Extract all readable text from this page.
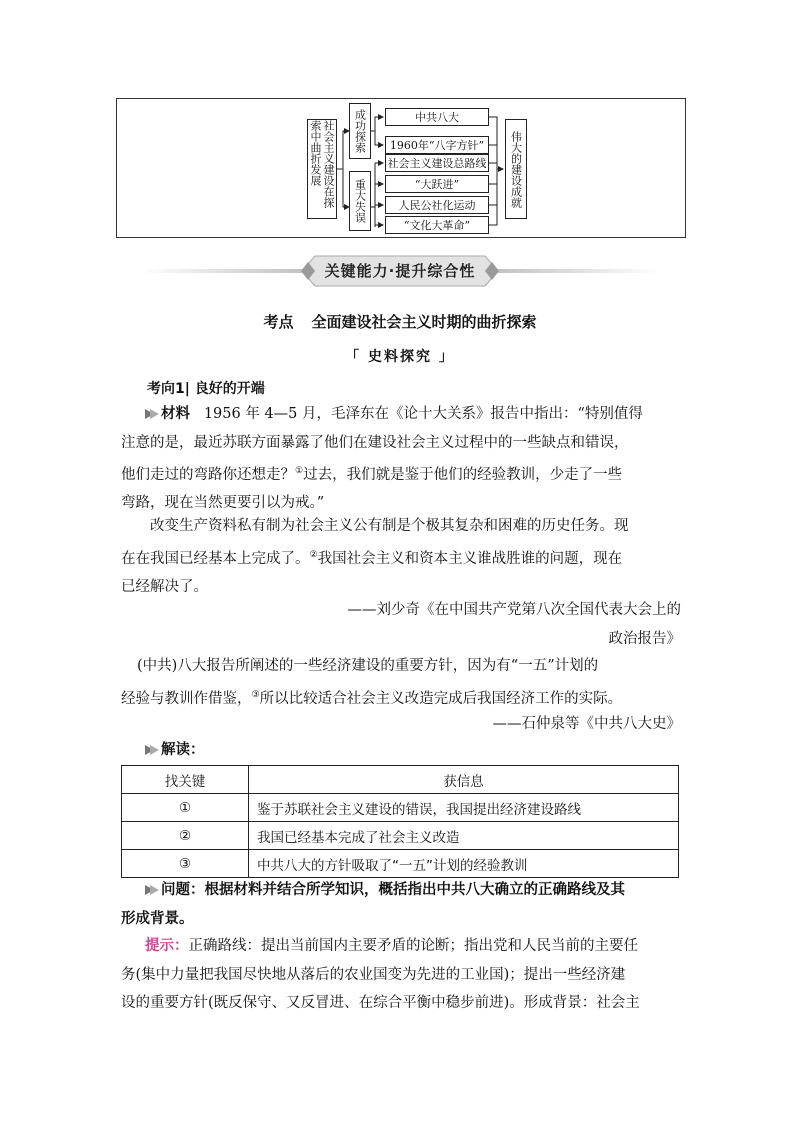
社会主义建设在探索中曲折发展	成功探索
重大失误
中共八大
1960年“八字方针”
社会主义建设总路线
“大跃进”
人民公社化运动
“文化大革命”
伟大的建设成就
关键能力·提升综合性
考点 全面建设社会主义时期的曲折探索
「 史料探究 」
考向1| 良好的开端
材料 1956 年 4—5 月，毛泽东在《论十大关系》报告中指出：“特别值得
注意的是，最近苏联方面暴露了他们在建设社会主义过程中的一些缺点和错误，
他们走过的弯路你还想走？①过去，我们就是鉴于他们的经验教训，少走了一些
弯路，现在当然更要引以为戒。”
改变生产资料私有制为社会主义公有制是个极其复杂和困难的历史任务。现
在在我国已经基本上完成了。②我国社会主义和资本主义谁战胜谁的问题，现在
已经解决了。
——刘少奇《在中国共产党第八次全国代表大会上的
政治报告》
(中共)八大报告所阐述的一些经济建设的重要方针，因为有“一五”计划的
经验与教训作借鉴，③所以比较适合社会主义改造完成后我国经济工作的实际。
——石仲泉等《中共八大史》
解读：
找关键	获信息
①	鉴于苏联社会主义建设的错误，我国提出经济建设路线
②	我国已经基本完成了社会主义改造
③	中共八大的方针吸取了“一五”计划的经验教训
问题：根据材料并结合所学知识，概括指出中共八大确立的正确路线及其
形成背景。
提示：正确路线：提出当前国内主要矛盾的论断；指出党和人民当前的主要任
务(集中力量把我国尽快地从落后的农业国变为先进的工业国)；提出一些经济建
设的重要方针(既反保守、又反冒进、在综合平衡中稳步前进)。形成背景：社会主
